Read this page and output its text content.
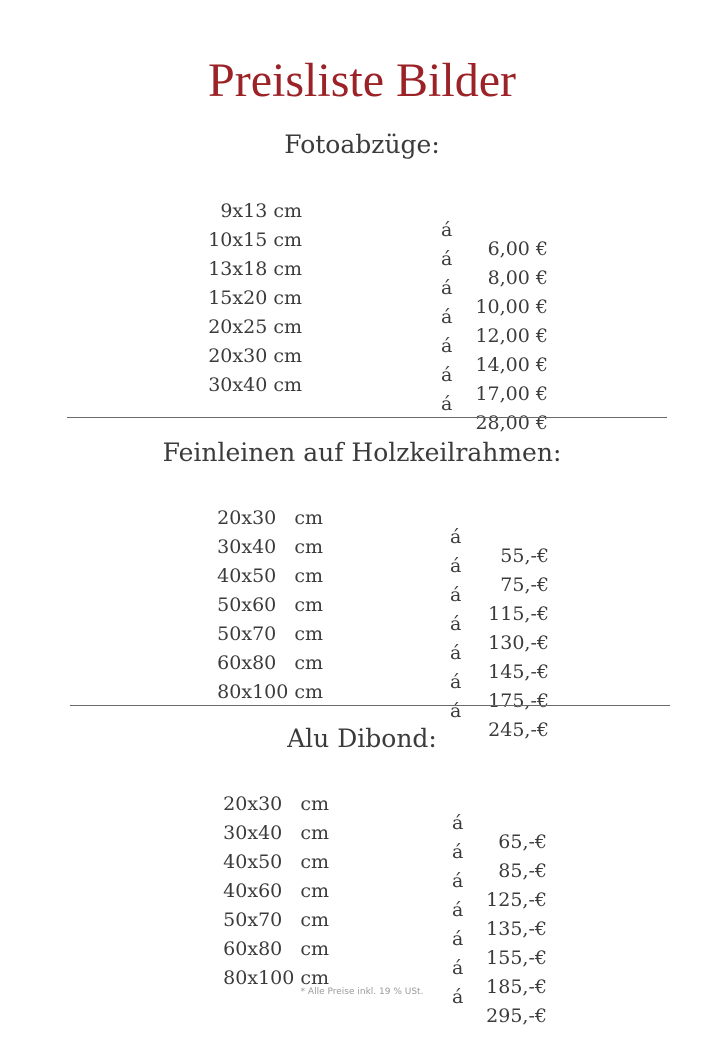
Preisliste Bilder
Fotoabzüge:

9x13 cm

á

6,00 €

10x15 cm

á

8,00 €

13x18 cm

á

10,00 €

15x20 cm

á

12,00 €

20x25 cm

á

14,00 €

20x30 cm

á

17,00 €

30x40 cm

á

28,00 €

Feinleinen auf Holzkeilrahmen:

20x30   cm

á

55,-€

30x40   cm

á

75,-€

40x50   cm

á

115,-€

50x60   cm

á

130,-€

50x70   cm

á

145,-€

60x80   cm

á

175,-€

80x100 cm

á

245,-€

Alu Dibond:

20x30   cm

á

65,-€

30x40   cm

á

85,-€

40x50   cm

á

125,-€

40x60   cm

á

135,-€

50x70   cm

á

155,-€

60x80   cm

á

185,-€

80x100 cm

á

295,-€

* Alle Preise inkl. 19 % USt.
